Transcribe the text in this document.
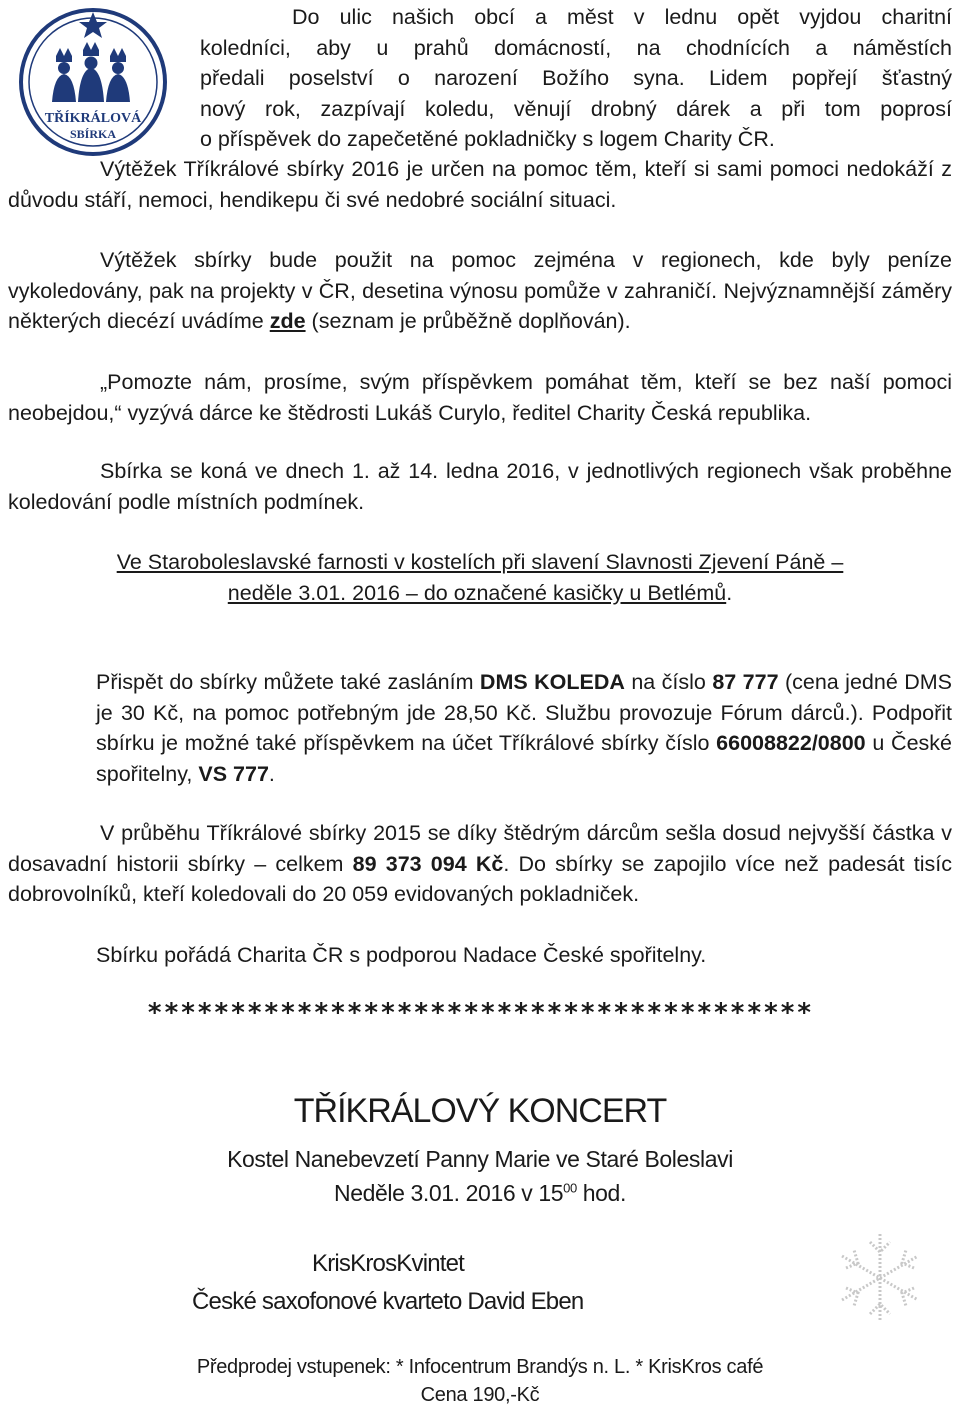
TŘÍKRÁLOVÁ
SBÍRKA
Do ulic našich obcí a měst v lednu opět vyjdou charitní
koledníci, aby u prahů domácností, na chodnících a náměstích
předali poselství o narození Božího syna. Lidem popřejí šťastný
nový rok, zazpívají koledu, věnují drobný dárek a při tom poprosí
o příspěvek do zapečetěné pokladničky s logem Charity ČR.

Výtěžek Tříkrálové sbírky 2016 je určen na pomoc těm, kteří si sami pomoci nedokáží z důvodu stáří, nemoci, hendikepu či své nedobré sociální situaci.

Výtěžek sbírky bude použit na pomoc zejména v regionech, kde byly peníze vykoledovány, pak na projekty v ČR, desetina výnosu pomůže v zahraničí. Nejvýznamnější záměry některých diecézí uvádíme zde (seznam je průběžně doplňován).

„Pomozte nám, prosíme, svým příspěvkem pomáhat těm, kteří se bez naší pomoci neobejdou,“ vyzývá dárce ke štědrosti Lukáš Curylo, ředitel Charity Česká republika.

Sbírka se koná ve dnech 1. až 14. ledna 2016, v jednotlivých regionech však proběhne koledování podle místních podmínek.

Ve Staroboleslavské farnosti v kostelích při slavení Slavnosti Zjevení Páně –
neděle 3.01. 2016 – do označené kasičky u Betlémů.

Přispět do sbírky můžete také zasláním DMS KOLEDA na číslo 87 777 (cena jedné DMS je 30 Kč, na pomoc potřebným jde 28,50 Kč. Službu provozuje Fórum dárců.). Podpořit sbírku je možné také příspěvkem na účet Tříkrálové sbírky číslo 66008822/0800 u České spořitelny, VS 777.

V průběhu Tříkrálové sbírky 2015 se díky štědrým dárcům sešla dosud nejvyšší částka v dosavadní historii sbírky – celkem 89 373 094 Kč. Do sbírky se zapojilo více než padesát tisíc dobrovolníků, kteří koledovali do 20 059 evidovaných pokladniček.

Sbírku pořádá Charita ČR s podporou Nadace České spořitelny.

****************************************
TŘÍKRÁLOVÝ KONCERT
Kostel Nanebevzetí Panny Marie ve Staré Boleslavi
Neděle 3.01. 2016 v $15^{00}$ hod.
KrisKrosKvintet
České saxofonové kvarteto David Eben
Předprodej vstupenek: * Infocentrum Brandýs n. L. * KrisKros café
Cena 190,-Kč
